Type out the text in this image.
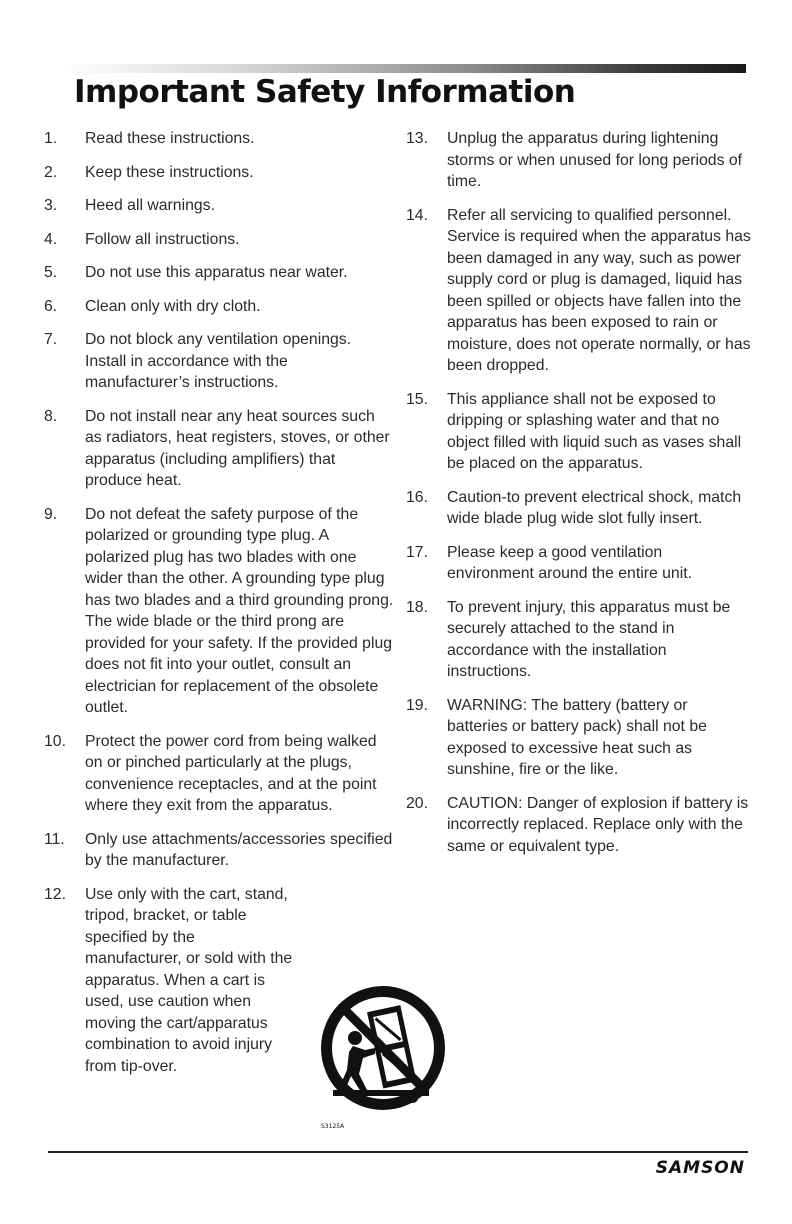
Important Safety Information
1.	Read these instructions.
2.	Keep these instructions.
3.	Heed all warnings.
4.	Follow all instructions.
5.	Do not use this apparatus near water.
6.	Clean only with dry cloth.
7.	Do not block any ventilation openings. Install in accordance with the manufacturer’s instructions.
8.	Do not install near any heat sources such as radiators, heat registers, stoves, or other apparatus (including amplifiers) that produce heat.
9.	Do not defeat the safety purpose of the polarized or grounding type plug. A polarized plug has two blades with one wider than the other. A grounding type plug has two blades and a third grounding prong. The wide blade or the third prong are provided for your safety. If the provided plug does not fit into your outlet, consult an electrician for replacement of the obsolete outlet.
10.	Protect the power cord from being walked on or pinched particularly at the plugs, convenience receptacles, and at the point where they exit from the apparatus.
11.	Only use attachments/accessories specified by the manufacturer.
12.	Use only with the cart, stand, tripod, bracket, or table specified by the manufacturer, or sold with the apparatus. When a cart is used, use caution when moving the cart/apparatus combination to avoid injury from tip-over.
13.	Unplug the apparatus during lightening storms or when unused for long periods of time.
14.	Refer all servicing to qualified personnel. Service is required when the apparatus has been damaged in any way, such as power supply cord or plug is damaged, liquid has been spilled or objects have fallen into the apparatus has been exposed to rain or moisture, does not operate normally, or has been dropped.
15.	This appliance shall not be exposed to dripping or splashing water and that no object filled with liquid such as vases shall be placed on the apparatus.
16.	Caution-to prevent electrical shock, match wide blade plug wide slot fully insert.
17.	Please keep a good ventilation environment around the entire unit.
18.	To prevent injury, this apparatus must be securely attached to the stand in accordance with the installation instructions.
19.	WARNING: The battery (battery or batteries or battery pack) shall not be exposed to excessive heat such as sunshine, fire or the like.
20.	CAUTION: Danger of explosion if battery is incorrectly replaced. Replace only with the same or equivalent type.
S3125A
SAMSON
